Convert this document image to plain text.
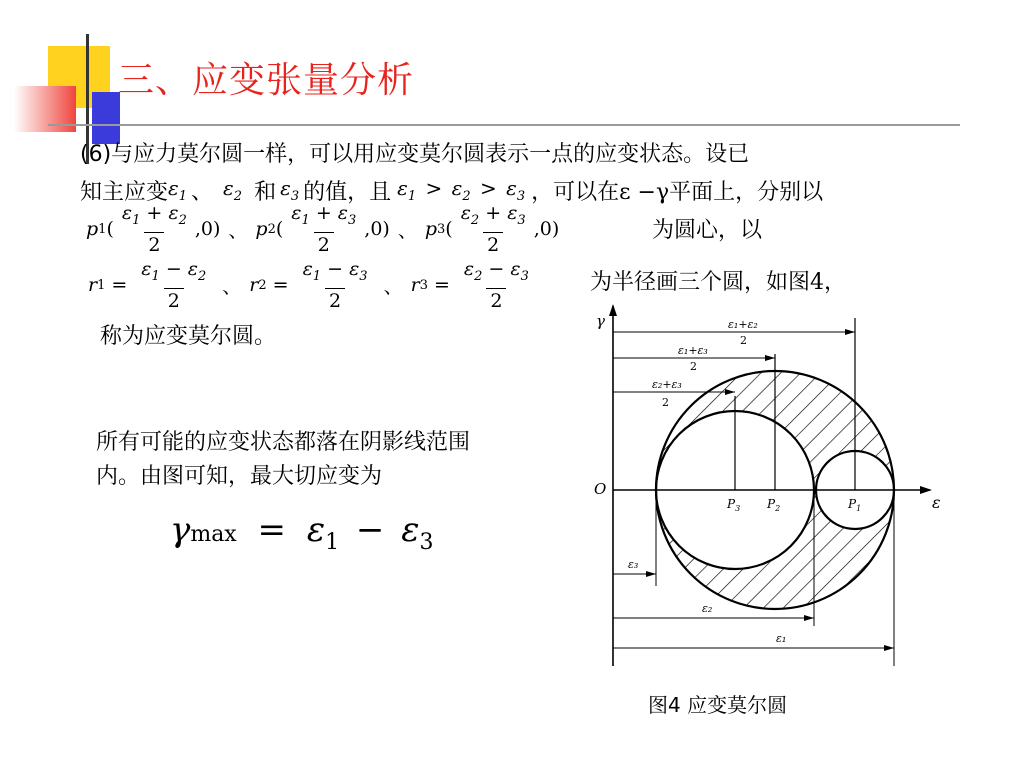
三、应变张量分析
(6)与应力莫尔圆一样，可以用应变莫尔圆表示一点的应变状态。设已
知主应变 $\varepsilon_1$ 、 $\varepsilon_2$ 和 $\varepsilon_3$ 的值，且 $\varepsilon_1 > \varepsilon_2 > \varepsilon_3$ ，可以在ε −γ平面上，分别以
p 1 ( $\frac{\varepsilon_1 + \varepsilon_2}{2} ,0$) 、 p 2 ( $\frac{\varepsilon_1 + \varepsilon_3}{2} ,0$) 、 p 3 ( $\frac{\varepsilon_2 + \varepsilon_3}{2} ,0$)	为圆心，以
r $1 = \frac{\varepsilon_1 - \varepsilon_2}{2}$ 、 r $2 = \frac{\varepsilon_1 - \varepsilon_3}{2}$ 、 r $3 = \frac{\varepsilon_2 - \varepsilon_3}{2}$	为半径画三个圆，如图4，
称为应变莫尔圆。
所有可能的应变状态都落在阴影线范围
内。由图可知，最大切应变为
$\gamma\max = \varepsilon_1 - \varepsilon_3$
γ
ε
O
$P_3$ $P_2$	$P_1$
ε₁+ε₂
2
ε₁+ε₃
2
ε₂+ε₃
2
ε₃
ε₂
ε₁
图4 应变莫尔圆
